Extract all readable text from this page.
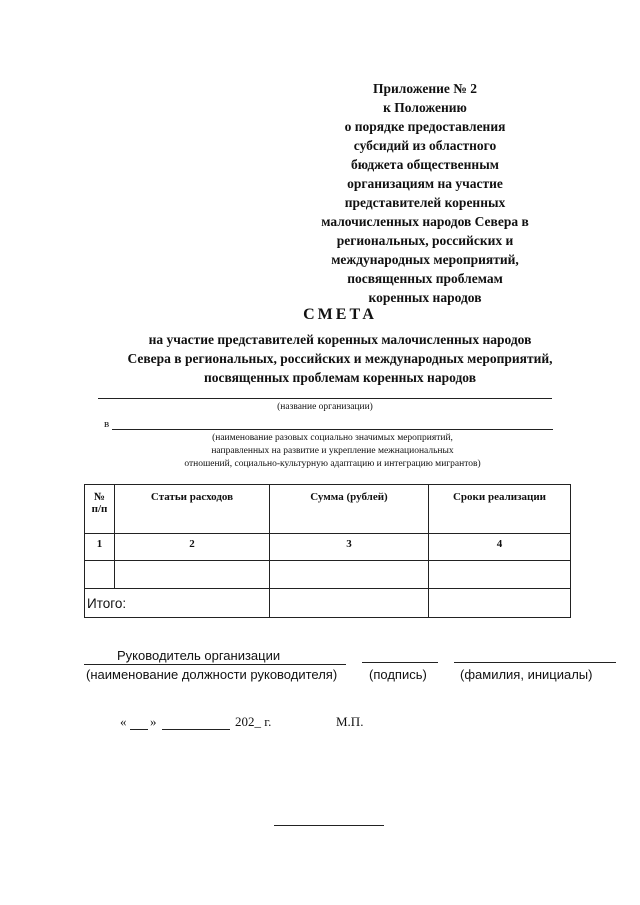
Приложение № 2
к Положению
о порядке предоставления
субсидий из областного
бюджета общественным
организациям на участие
представителей коренных
малочисленных народов Севера в
региональных, российских и
международных мероприятий,
посвященных проблемам
коренных народов
СМЕТА
на участие представителей коренных малочисленных народов
Севера в региональных, российских и международных мероприятий,
посвященных проблемам коренных народов
(название организации)
в
(наименование разовых социально значимых мероприятий,
направленных на развитие и укрепление межнациональных
отношений, социально-культурную адаптацию и интеграцию мигрантов)
№
п/п	Статьи расходов	Сумма (рублей)	Сроки реализации
1	2	3	4

Итого:			
Руководитель организации
(наименование должности руководителя) (подпись)	(фамилия, инициалы)
« »	202_ г.	М.П.
